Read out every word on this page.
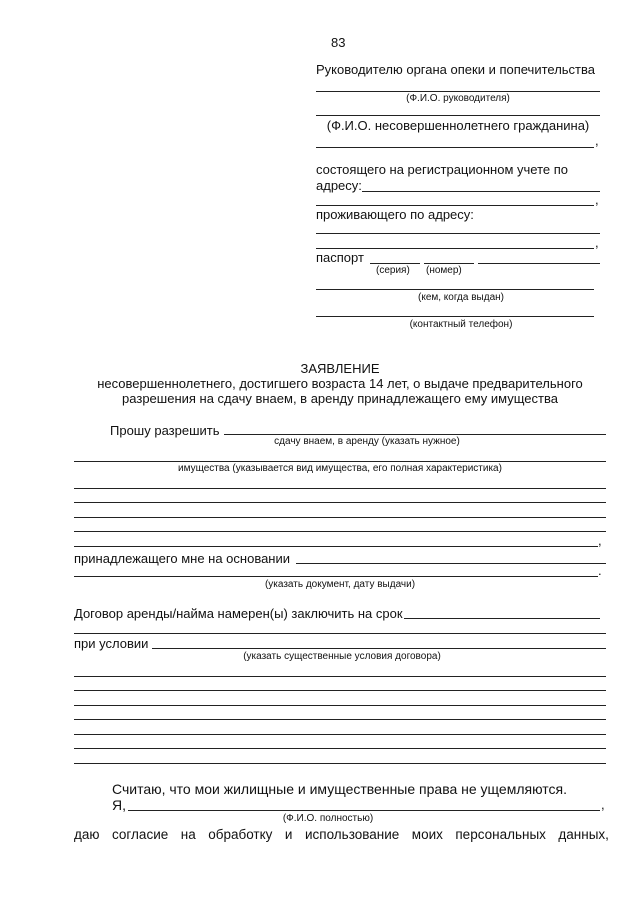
83
Руководителю органа опеки и попечительства
(Ф.И.О. руководителя)
(Ф.И.О. несовершеннолетнего гражданина)
,
состоящего на регистрационном учете по
адресу:
,
проживающего по адресу:
,
паспорт
(серия) (номер)
(кем, когда выдан)
(контактный телефон)
ЗАЯВЛЕНИЕ
несовершеннолетнего, достигшего возраста 14 лет, о выдаче предварительного
разрешения на сдачу внаем, в аренду принадлежащего ему имущества
Прошу разрешить
сдачу внаем, в аренду (указать нужное)
имущества (указывается вид имущества, его полная характеристика)
,
принадлежащего мне на основании
.
(указать документ, дату выдачи)
Договор аренды/найма намерен(ы) заключить на срок
при условии
(указать существенные условия договора)
Считаю, что мои жилищные и имущественные права не ущемляются.
Я,	,
(Ф.И.О. полностью)
даю согласие на обработку и использование моих персональных данных,
